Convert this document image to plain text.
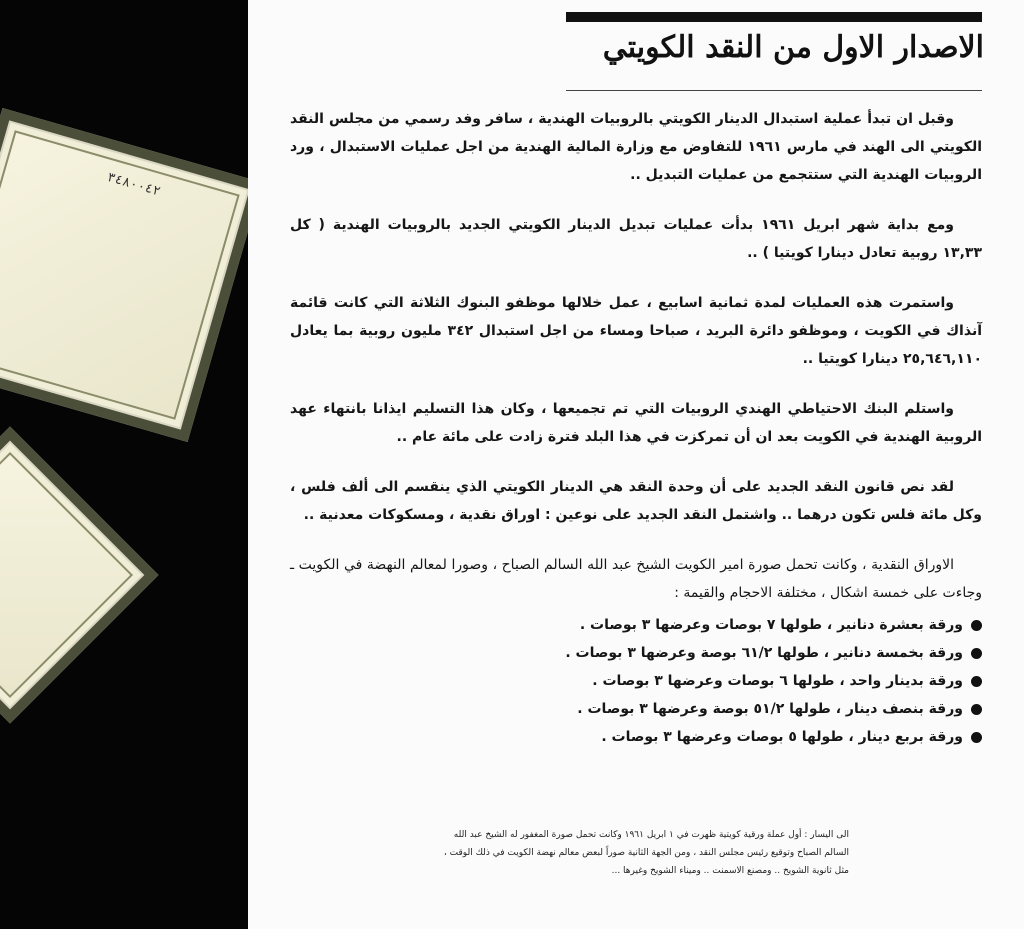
٣٤٨٠٠٤٢
الاصدار الاول من النقد الكويتي

وقبل ان تبدأ عملية استبدال الدينار الكويتي بالروبيات الهندية ، سافر وفد رسمي من مجلس النقد الكويتي الى الهند في مارس ١٩٦١ للتفاوض مع وزارة المالية الهندية من اجل عمليات الاستبدال ، ورد الروبيات الهندية التي ستتجمع من عمليات التبديل ..

ومع بداية شهر ابريل ١٩٦١ بدأت عمليات تبديل الدينار الكويتي الجديد بالروبيات الهندية ( كل ١٣,٣٣ روبية تعادل دينارا كويتيا ) ..

واستمرت هذه العمليات لمدة ثمانية اسابيع ، عمل خلالها موظفو البنوك الثلاثة التي كانت قائمة آنذاك في الكويت ، وموظفو دائرة البريد ، صباحا ومساء من اجل استبدال ٣٤٢ مليون روبية بما يعادل ٢٥,٦٤٦,١١٠ دينارا كويتيا ..

واستلم البنك الاحتياطي الهندي الروبيات التي تم تجميعها ، وكان هذا التسليم ايذانا بانتهاء عهد الروبية الهندية في الكويت بعد ان أن تمركزت في هذا البلد فترة زادت على مائة عام ..

لقد نص قانون النقد الجديد على أن وحدة النقد هي الدينار الكويتي الذي ينقسم الى ألف فلس ، وكل مائة فلس تكون درهما .. واشتمل النقد الجديد على نوعين : اوراق نقدية ، ومسكوكات معدنية ..

الاوراق النقدية ، وكانت تحمل صورة امير الكويت الشيخ عبد الله السالم الصباح ، وصورا لمعالم النهضة في الكويت ـ وجاءت على خمسة اشكال ، مختلفة الاحجام والقيمة :

ورقة بعشرة دنانير ، طولها ٧ بوصات وعرضها ٣ بوصات .
ورقة بخمسة دنانير ، طولها ٦١/٢ بوصة وعرضها ٣ بوصات .
ورقة بدينار واحد ، طولها ٦ بوصات وعرضها ٣ بوصات .
ورقة بنصف دينار ، طولها ٥١/٢ بوصة وعرضها ٣ بوصات .
ورقة بربع دينار ، طولها ٥ بوصات وعرضها ٣ بوصات .

الى اليسار : أول عملة ورقية كويتية ظهرت في ١ ابريل ١٩٦١ وكانت تحمل صورة المغفور له الشيخ عبد الله السالم الصباح وتوقيع رئيس مجلس النقد ، ومن الجهة الثانية صوراً لبعض معالم نهضة الكويت في ذلك الوقت ، مثل ثانوية الشويخ .. ومصنع الاسمنت .. وميناء الشويخ وغيرها ...
